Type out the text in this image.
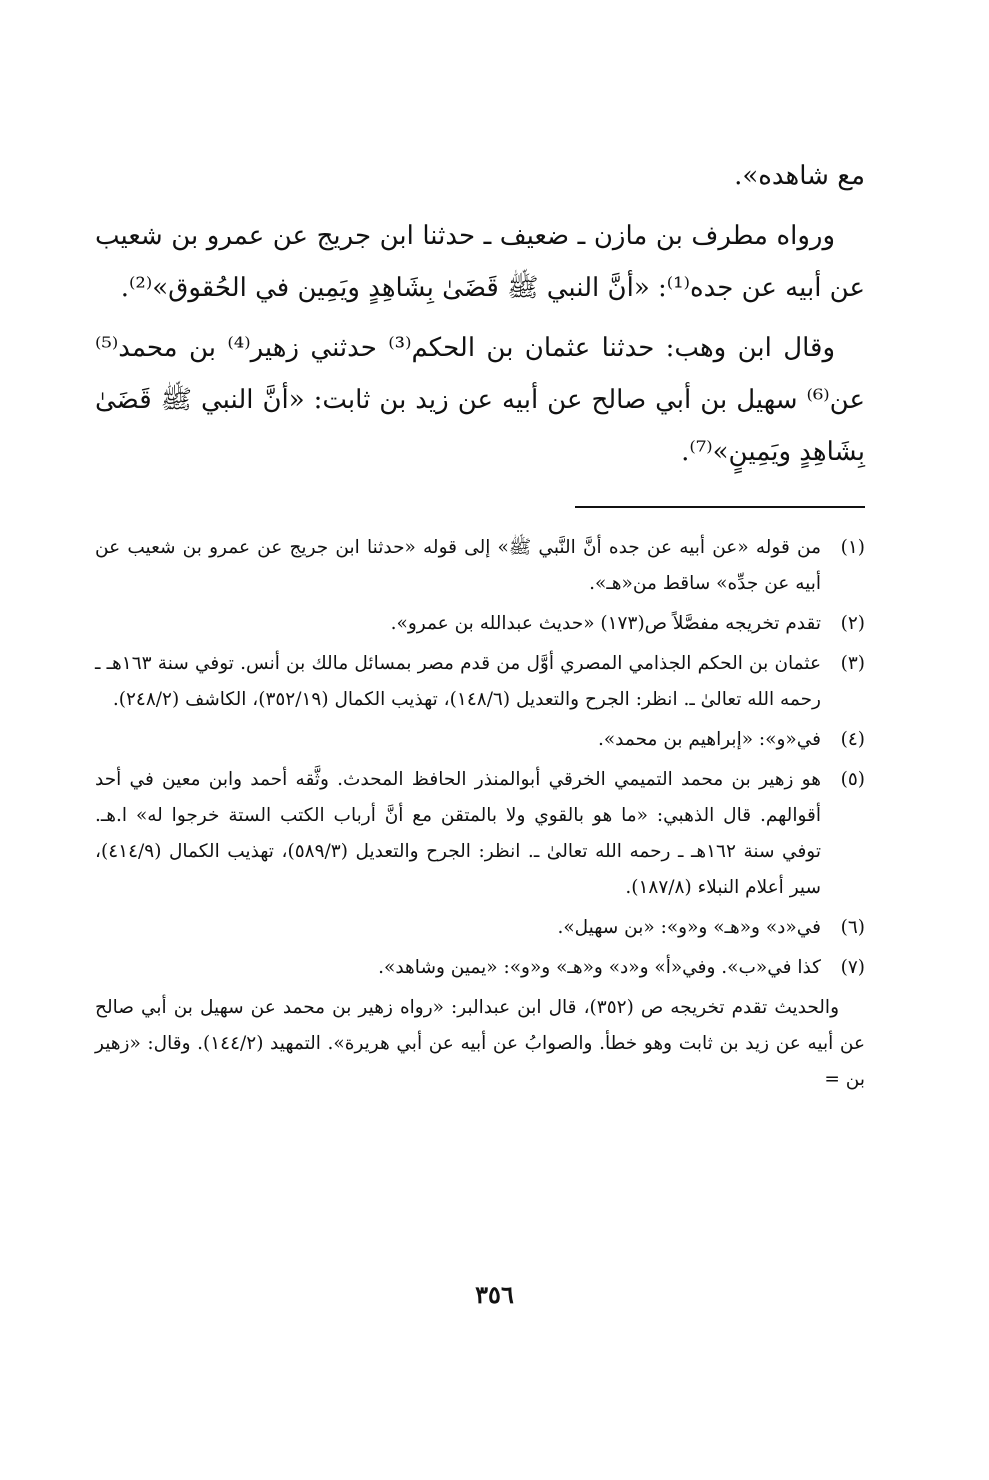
مع شاهده».

ورواه مطرف بن مازن ـ ضعيف ـ حدثنا ابن جريج عن عمرو بن شعيب عن أبيه عن جده⁽¹⁾: «أنَّ النبي ﷺ قَضَىٰ بِشَاهِدٍ ويَمِين في الحُقوق»⁽²⁾.

وقال ابن وهب: حدثنا عثمان بن الحكم⁽³⁾ حدثني زهير⁽⁴⁾ بن محمد⁽⁵⁾ عن⁽⁶⁾ سهيل بن أبي صالح عن أبيه عن زيد بن ثابت: «أنَّ النبي ﷺ قَضَىٰ بِشَاهِدٍ ويَمِينٍ»⁽⁷⁾.

(١)
من قوله «عن أبيه عن جده أنَّ النَّبي ﷺ» إلى قوله «حدثنا ابن جريج عن عمرو بن شعيب عن أبيه عن جدِّه» ساقط من«هـ».
(٢)
تقدم تخريجه مفصَّلاً ص(١٧٣) «حديث عبدالله بن عمرو».
(٣)
عثمان بن الحكم الجذامي المصري أوَّل من قدم مصر بمسائل مالك بن أنس. توفي سنة ١٦٣هـ ـ رحمه الله تعالىٰ ـ. انظر: الجرح والتعديل (١٤٨/٦)، تهذيب الكمال (٣٥٢/١٩)، الكاشف (٢٤٨/٢).
(٤)
في«و»: «إبراهيم بن محمد».
(٥)
هو زهير بن محمد التميمي الخرقي أبوالمنذر الحافظ المحدث. وثَّقه أحمد وابن معين في أحد أقوالهم. قال الذهبي: «ما هو بالقوي ولا بالمتقن مع أنَّ أرباب الكتب الستة خرجوا له» ا.هـ. توفي سنة ١٦٢هـ ـ رحمه الله تعالىٰ ـ. انظر: الجرح والتعديل (٥٨٩/٣)، تهذيب الكمال (٤١٤/٩)، سير أعلام النبلاء (١٨٧/٨).
(٦)
في«د» و«هـ» و«و»: «بن سهيل».
(٧)
كذا في«ب». وفي«أ» و«د» و«هـ» و«و»: «يمين وشاهد».

والحديث تقدم تخريجه ص (٣٥٢)، قال ابن عبدالبر: «رواه زهير بن محمد عن سهيل بن أبي صالح عن أبيه عن زيد بن ثابت وهو خطأ. والصوابُ عن أبيه عن أبي هريرة». التمهيد (١٤٤/٢). وقال: «زهير بن =

٣٥٦
